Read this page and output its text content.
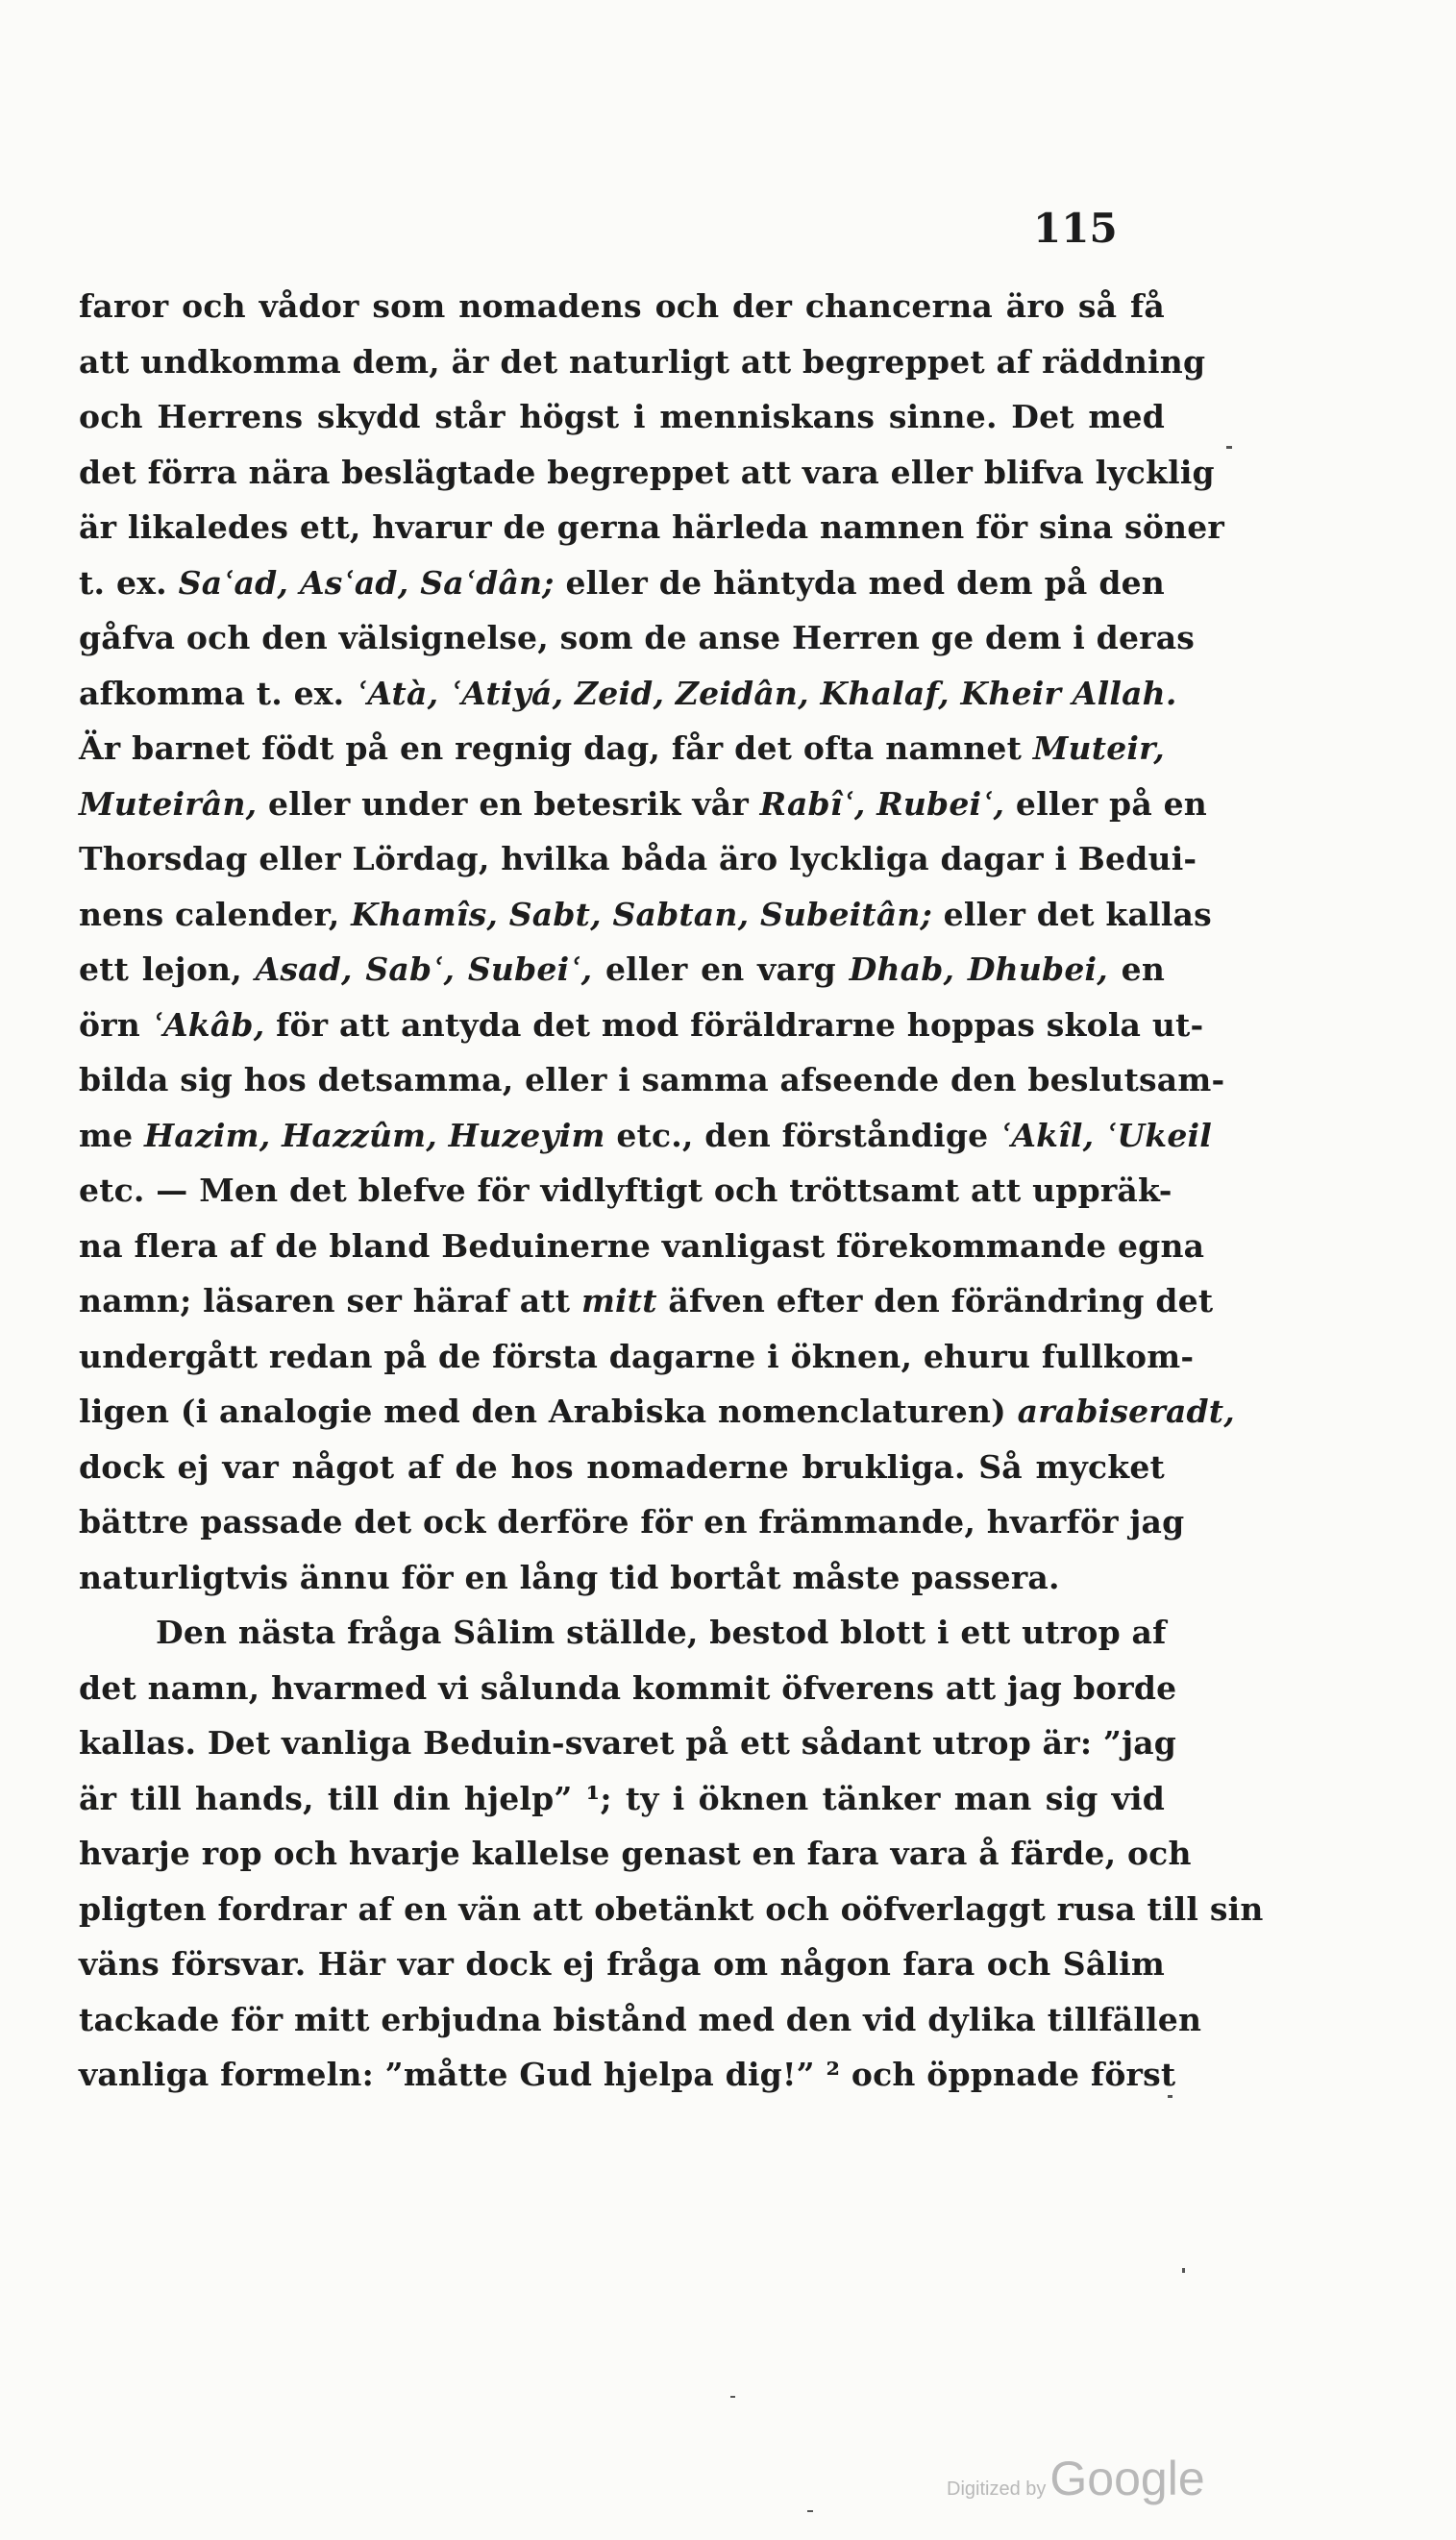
115
faror och vådor som nomadens och der chancerna äro så få
att undkomma dem, är det naturligt att begreppet af räddning
och Herrens skydd står högst i menniskans sinne. Det med
det förra nära beslägtade begreppet att vara eller blifva lycklig
är likaledes ett, hvarur de gerna härleda namnen för sina söner
t. ex. Saʿad, Asʿad, Saʿdân; eller de häntyda med dem på den
gåfva och den välsignelse, som de anse Herren ge dem i deras
afkomma t. ex. ʿAtà, ʿAtiyá, Zeid, Zeidân, Khalaf, Kheir Allah.
Är barnet födt på en regnig dag, får det ofta namnet Muteir,
Muteirân, eller under en betesrik vår Rabîʿ, Rubeiʿ, eller på en
Thorsdag eller Lördag, hvilka båda äro lyckliga dagar i Bedui-
nens calender, Khamîs, Sabt, Sabtan, Subeitân; eller det kallas
ett lejon, Asad, Sabʿ, Subeiʿ, eller en varg Dhab, Dhubei, en
örn ʿAkâb, för att antyda det mod föräldrarne hoppas skola ut-
bilda sig hos detsamma, eller i samma afseende den beslutsam-
me Hazim, Hazzûm, Huzeyim etc., den förståndige ʿAkîl, ʿUkeil
etc. — Men det blefve för vidlyftigt och tröttsamt att uppräk-
na flera af de bland Beduinerne vanligast förekommande egna
namn; läsaren ser häraf att mitt äfven efter den förändring det
undergått redan på de första dagarne i öknen, ehuru fullkom-
ligen (i analogie med den Arabiska nomenclaturen) arabiseradt,
dock ej var något af de hos nomaderne brukliga. Så mycket
bättre passade det ock derföre för en främmande, hvarför jag
naturligtvis ännu för en lång tid bortåt måste passera.
Den nästa fråga Sâlim ställde, bestod blott i ett utrop af
det namn, hvarmed vi sålunda kommit öfverens att jag borde
kallas. Det vanliga Beduin-svaret på ett sådant utrop är: ”jag
är till hands, till din hjelp” ¹; ty i öknen tänker man sig vid
hvarje rop och hvarje kallelse genast en fara vara å färde, och
pligten fordrar af en vän att obetänkt och oöfverlaggt rusa till sin
väns försvar. Här var dock ej fråga om någon fara och Sâlim
tackade för mitt erbjudna bistånd med den vid dylika tillfällen
vanliga formeln: ”måtte Gud hjelpa dig!” ² och öppnade först
Digitized by Google
